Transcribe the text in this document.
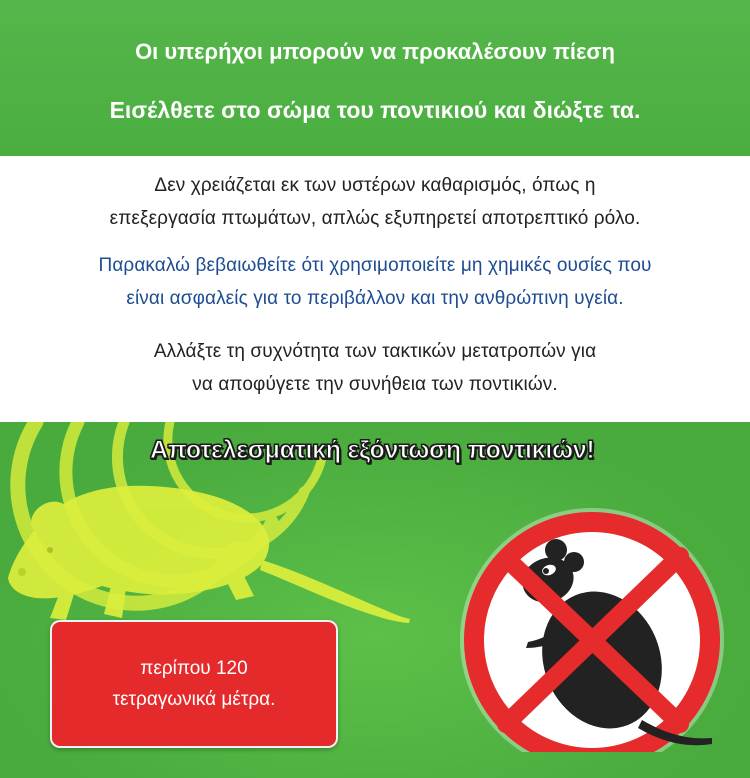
Οι υπερήχοι μπορούν να προκαλέσουν πίεση
Εισέλθετε στο σώμα του ποντικιού και διώξτε τα.
Δεν χρειάζεται εκ των υστέρων καθαρισμός, όπως η
επεξεργασία πτωμάτων, απλώς εξυπηρετεί αποτρεπτικό ρόλο.
Παρακαλώ βεβαιωθείτε ότι χρησιμοποιείτε μη χημικές ουσίες που
είναι ασφαλείς για το περιβάλλον και την ανθρώπινη υγεία.
Αλλάξτε τη συχνότητα των τακτικών μετατροπών για
να αποφύγετε την συνήθεια των ποντικιών.
Αποτελεσματική εξόντωση ποντικιών!
περίπου 120
τετραγωνικά μέτρα.
